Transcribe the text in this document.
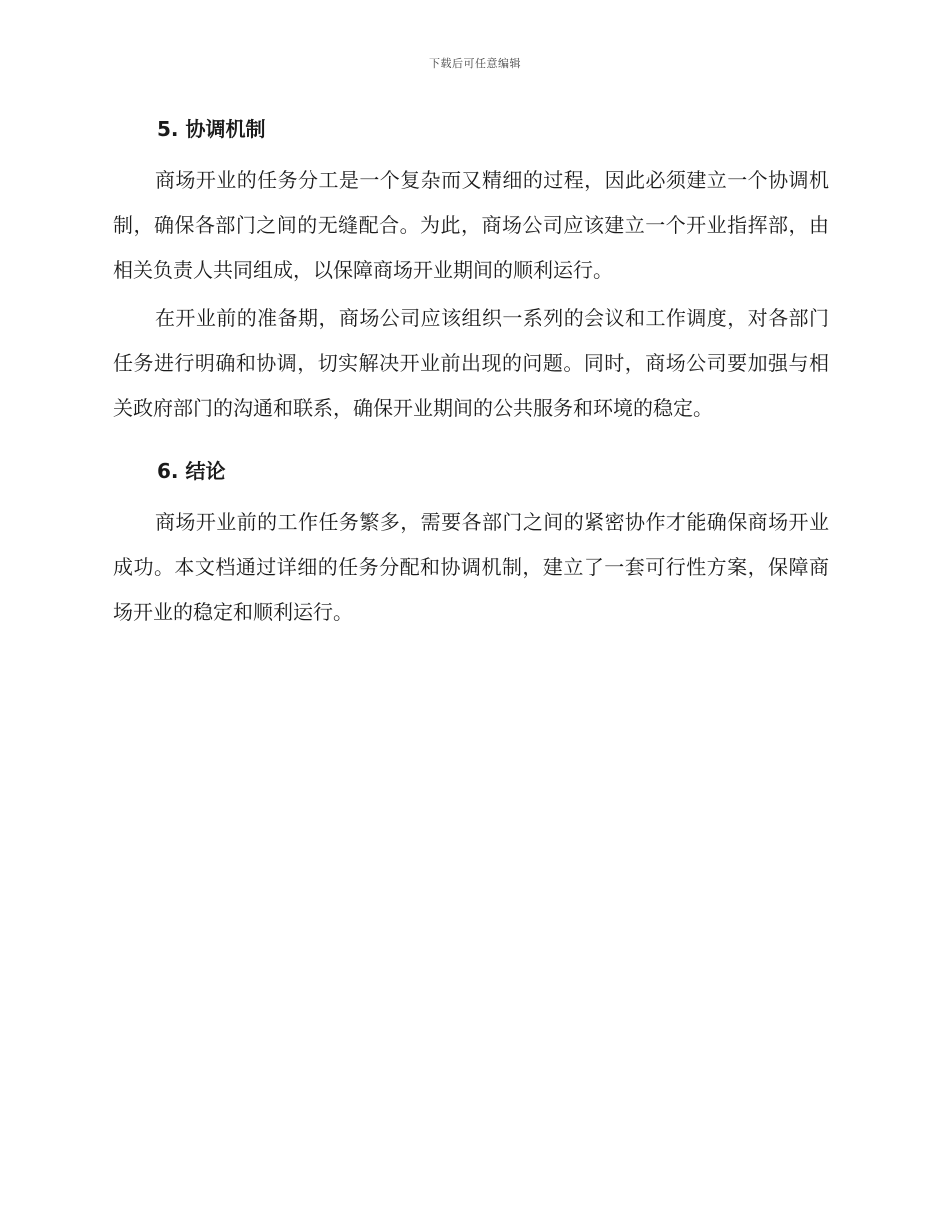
下载后可任意编辑
5. 协调机制

商场开业的任务分工是一个复杂而又精细的过程，因此必须建立一个协调机制，确保各部门之间的无缝配合。为此，商场公司应该建立一个开业指挥部，由相关负责人共同组成，以保障商场开业期间的顺利运行。

在开业前的准备期，商场公司应该组织一系列的会议和工作调度，对各部门任务进行明确和协调，切实解决开业前出现的问题。同时，商场公司要加强与相关政府部门的沟通和联系，确保开业期间的公共服务和环境的稳定。

6. 结论

商场开业前的工作任务繁多，需要各部门之间的紧密协作才能确保商场开业成功。本文档通过详细的任务分配和协调机制，建立了一套可行性方案，保障商场开业的稳定和顺利运行。
